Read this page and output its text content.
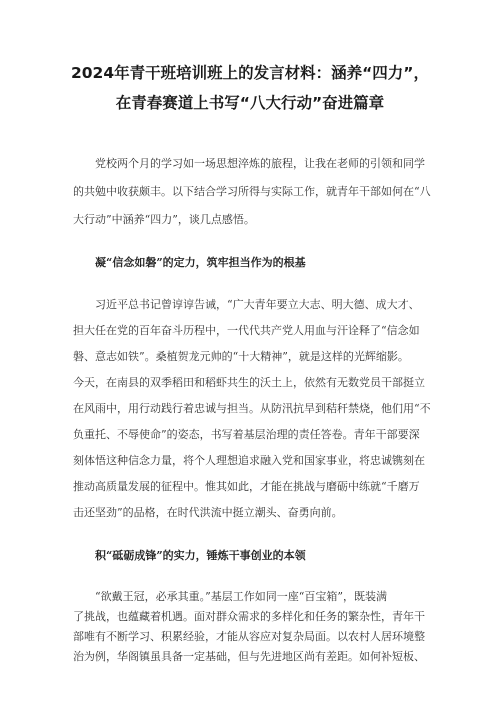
2024年青干班培训班上的发言材料：涵养“四力”，
在青春赛道上书写“八大行动”奋进篇章

　　党校两个月的学习如一场思想淬炼的旅程，让我在老师的引领和同学

的共勉中收获颇丰。以下结合学习所得与实际工作，就青年干部如何在“八

大行动”中涵养“四力”，谈几点感悟。

　　凝“信念如磐”的定力，筑牢担当作为的根基

　　习近平总书记曾谆谆告诫，“广大青年要立大志、明大德、成大才、

担大任在党的百年奋斗历程中，一代代共产党人用血与汗诠释了“信念如

磐、意志如铁”。桑植贺龙元帅的“十大精神”，就是这样的光辉缩影。

今天，在南县的双季稻田和稻虾共生的沃土上，依然有无数党员干部挺立

在风雨中，用行动践行着忠诚与担当。从防汛抗旱到秸秆禁烧，他们用“不

负重托、不辱使命”的姿态，书写着基层治理的责任答卷。青年干部要深

刻体悟这种信念力量，将个人理想追求融入党和国家事业，将忠诚镌刻在

推动高质量发展的征程中。惟其如此，才能在挑战与磨砺中练就“千磨万

击还坚劲”的品格，在时代洪流中挺立潮头、奋勇向前。

　　积“砥砺成锋”的实力，锤炼干事创业的本领

　　“欲戴王冠，必承其重。”基层工作如同一座“百宝箱”，既装满

了挑战，也蕴藏着机遇。面对群众需求的多样化和任务的繁杂性，青年干

部唯有不断学习、积累经验，才能从容应对复杂局面。以农村人居环境整

治为例，华阁镇虽具备一定基础，但与先进地区尚有差距。如何补短板、
